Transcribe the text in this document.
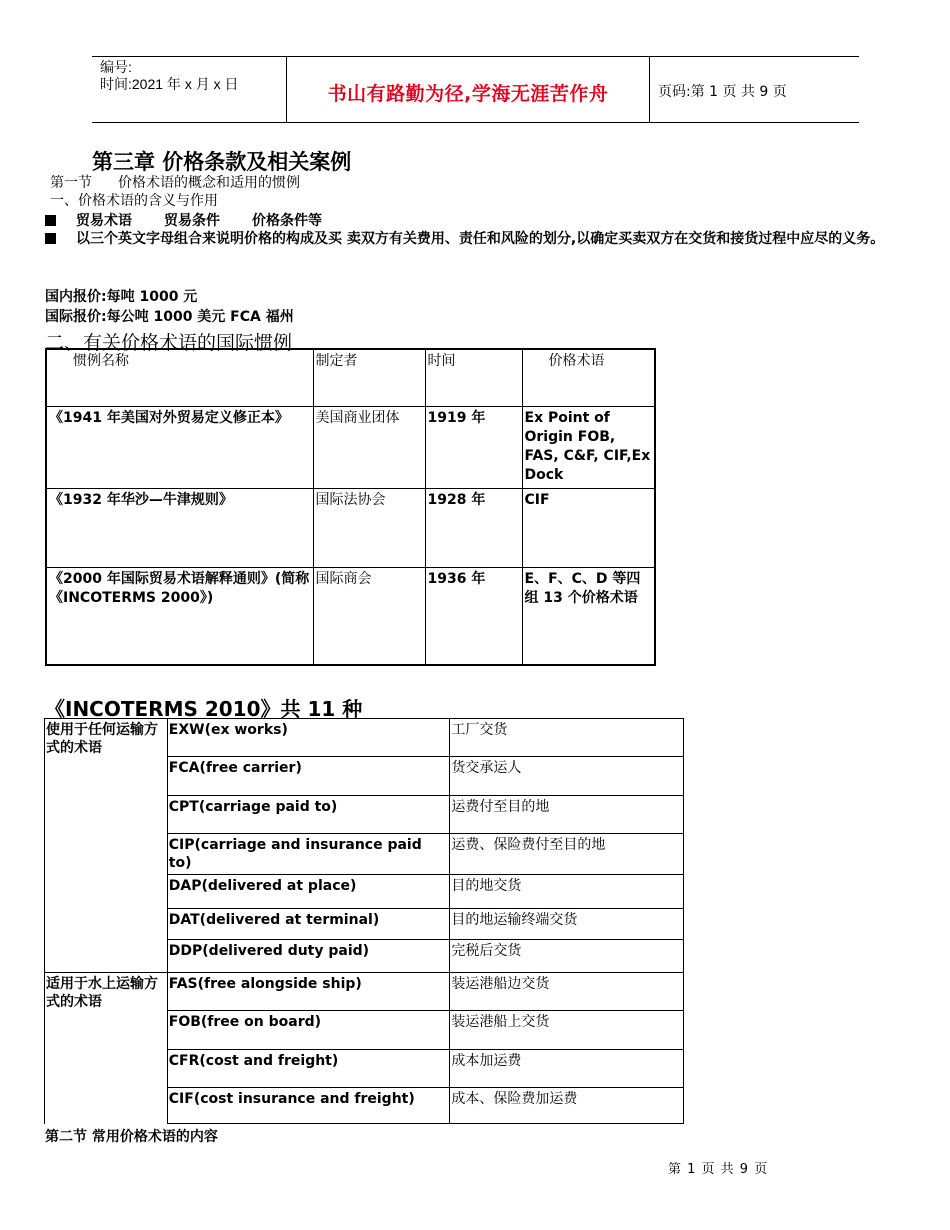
编号:
时间:2021 年 x 月 x 日	书山有路勤为径,学海无涯苦作舟	页码:第 1 页 共 9 页
第三章 价格条款及相关案例
第一节 价格术语的概念和适用的惯例
一、价格术语的含义与作用
贸易术语 贸易条件 价格条件等
以三个英文字母组合来说明价格的构成及买 卖双方有关费用、责任和风险的划分,以确定买卖双方在交货和接货过程中应尽的义务。
国内报价:每吨 1000 元
国际报价:每公吨 1000 美元 FCA 福州
二、有关价格术语的国际惯例
惯例名称	制定者	时间	价格术语
《1941 年美国对外贸易定义修正本》	美国商业团体	1919 年	Ex Point of Origin FOB, FAS, C&F, CIF,Ex Dock
《1932 年华沙—牛津规则》	国际法协会	1928 年	CIF
《2000 年国际贸易术语解释通则》(简称《INCOTERMS 2000》)	国际商会	1936 年	E、F、C、D 等四组 13 个价格术语
《INCOTERMS 2010》共 11 种
使用于任何运输方式的术语	EXW(ex works)	工厂交货
	FCA(free carrier)	货交承运人
	CPT(carriage paid to)	运费付至目的地
	CIP(carriage and insurance paid to)	运费、保险费付至目的地
	DAP(delivered at place)	目的地交货
	DAT(delivered at terminal)	目的地运输终端交货
	DDP(delivered duty paid)	完税后交货
适用于水上运输方式的术语	FAS(free alongside ship)	装运港船边交货
	FOB(free on board)	装运港船上交货
	CFR(cost and freight)	成本加运费
	CIF(cost insurance and freight)	成本、保险费加运费
第二节 常用价格术语的内容
第 1 页 共 9 页
